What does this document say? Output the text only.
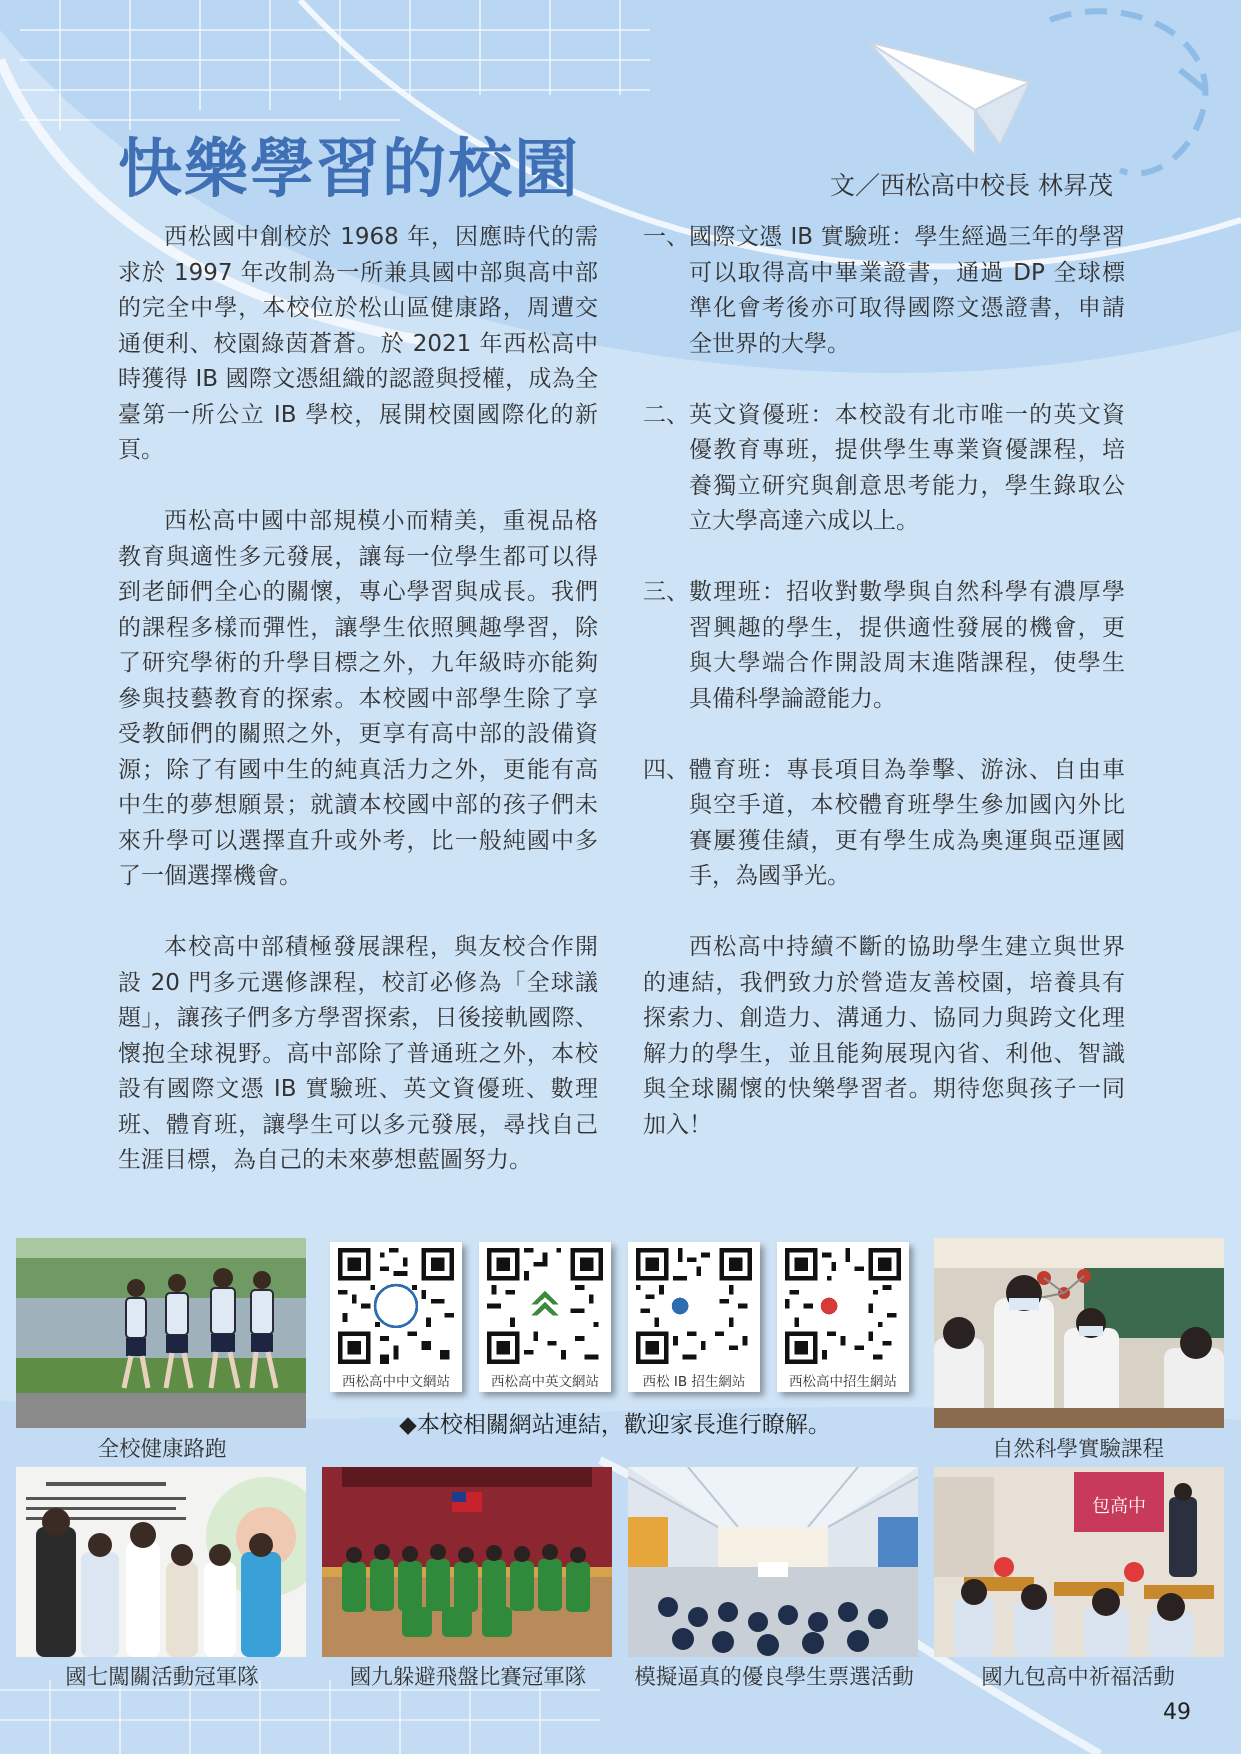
快樂學習的校園	文／西松高中校長 林昇茂

西松國中創校於 1968 年，因應時代的需求於 1997 年改制為一所兼具國中部與高中部的完全中學，本校位於松山區健康路，周遭交通便利、校園綠茵蒼蒼。於 2021 年西松高中時獲得 IB 國際文憑組織的認證與授權，成為全臺第一所公立 IB 學校，展開校園國際化的新頁。

西松高中國中部規模小而精美，重視品格教育與適性多元發展，讓每一位學生都可以得到老師們全心的關懷，專心學習與成長。我們的課程多樣而彈性，讓學生依照興趣學習，除了研究學術的升學目標之外，九年級時亦能夠參與技藝教育的探索。本校國中部學生除了享受教師們的關照之外，更享有高中部的設備資源；除了有國中生的純真活力之外，更能有高中生的夢想願景；就讀本校國中部的孩子們未來升學可以選擇直升或外考，比一般純國中多了一個選擇機會。

本校高中部積極發展課程，與友校合作開設 20 門多元選修課程，校訂必修為「全球議題」，讓孩子們多方學習探索，日後接軌國際、懷抱全球視野。高中部除了普通班之外，本校設有國際文憑 IB 實驗班、英文資優班、數理班、體育班，讓學生可以多元發展，尋找自己生涯目標，為自己的未來夢想藍圖努力。

一、 國際文憑 IB 實驗班：學生經過三年的學習可以取得高中畢業證書，通過 DP 全球標準化會考後亦可取得國際文憑證書，申請全世界的大學。
二、 英文資優班：本校設有北市唯一的英文資優教育專班，提供學生專業資優課程，培養獨立研究與創意思考能力，學生錄取公立大學高達六成以上。
三、 數理班：招收對數學與自然科學有濃厚學習興趣的學生，提供適性發展的機會，更與大學端合作開設周末進階課程，使學生具備科學論證能力。
四、 體育班：專長項目為拳擊、游泳、自由車與空手道，本校體育班學生參加國內外比賽屢獲佳績，更有學生成為奧運與亞運國手，為國爭光。

西松高中持續不斷的協助學生建立與世界的連結，我們致力於營造友善校園，培養具有探索力、創造力、溝通力、協同力與跨文化理解力的學生，並且能夠展現內省、利他、智識與全球關懷的快樂學習者。期待您與孩子一同加入！

全校健康路跑
西松高中中文網站	西松高中英文網站	西松 IB 招生網站	西松高中招生網站
◆本校相關網站連結，歡迎家長進行瞭解。
自然科學實驗課程
國七闖關活動冠軍隊	國九躲避飛盤比賽冠軍隊	模擬逼真的優良學生票選活動
包高中
國九包高中祈福活動
49
